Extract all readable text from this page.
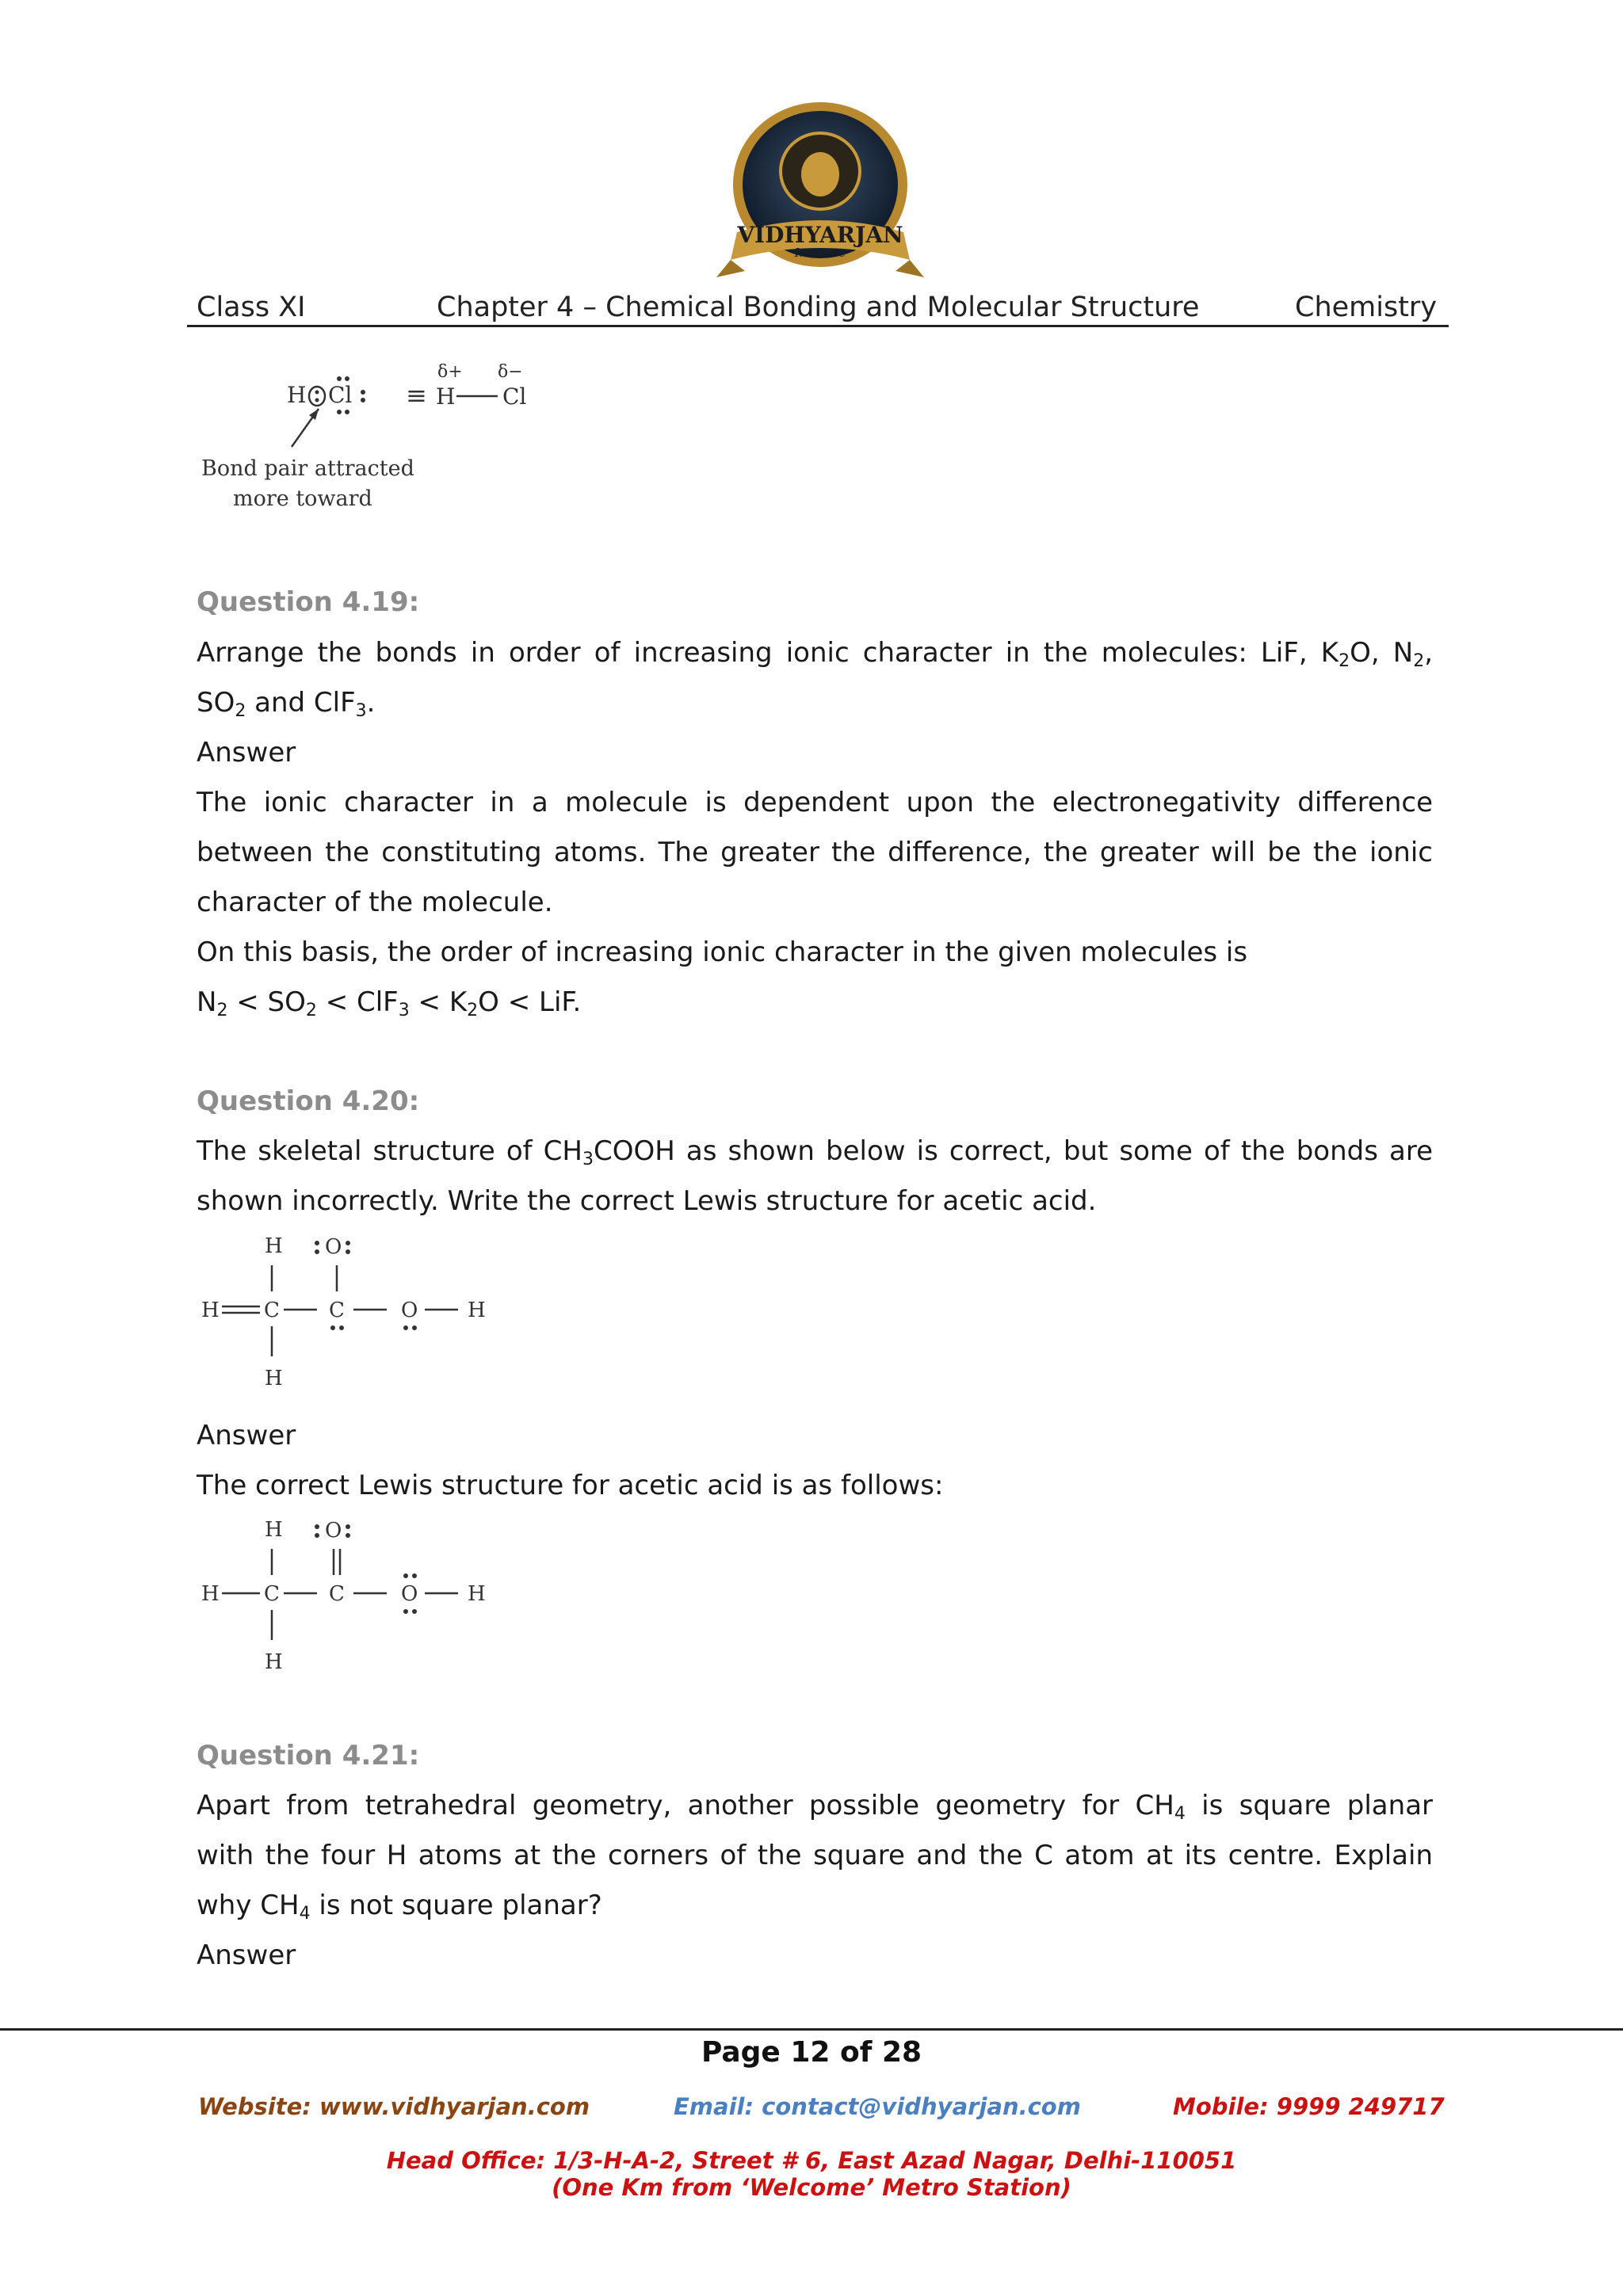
VIDHYARJAN
Institute
Class XI	Chapter 4 – Chemical Bonding and Molecular Structure	Chemistry
H Cl ≡
δ+ δ−
H Cl
Bond pair attracted
more toward
Question 4.19:
Arrange the bonds in order of increasing ionic character in the molecules: LiF, $K_2O$, $N_2$,
$SO_2$ and ClF$_3$.
Answer
The ionic character in a molecule is dependent upon the electronegativity difference between the constituting atoms. The greater the difference, the greater will be the ionic character of the molecule.
On this basis, the order of increasing ionic character in the given molecules is
$N_2 < SO_2 < ClF_3 < K_2O$ < LiF.
Question 4.20:
The skeletal structure of $CH_3COOH$ as shown below is correct, but some of the bonds are
shown incorrectly. Write the correct Lewis structure for acetic acid.
H O
H C C	O H
H
Answer
The correct Lewis structure for acetic acid is as follows:
H O
H C C	O H
H
Question 4.21:
Apart from tetrahedral geometry, another possible geometry for $CH_4$ is square planar
with the four H atoms at the corners of the square and the C atom at its centre. Explain
why $CH_4$ is not square planar?
Answer
Page 12 of 28
Website: www.vidhyarjan.com	Email: contact@vidhyarjan.com	Mobile: 9999 249717
Head Office: 1/3-H-A-2, Street # 6, East Azad Nagar, Delhi-110051
(One Km from ‘Welcome’ Metro Station)
